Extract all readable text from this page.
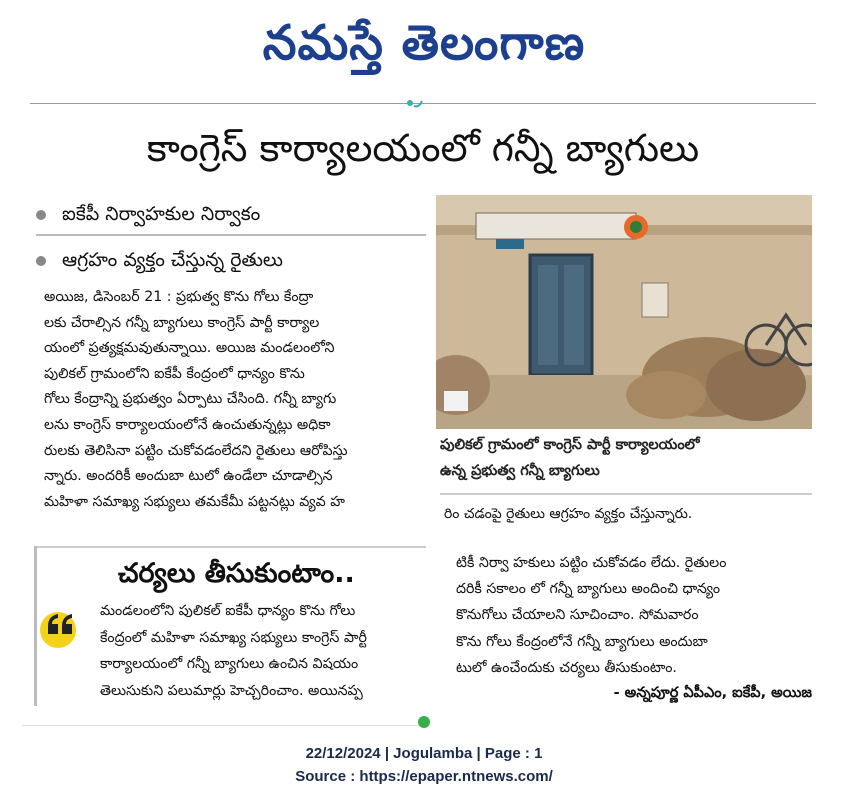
నమస్తే తెలంగాణ
కాంగ్రెస్ కార్యాలయంలో గన్నీ బ్యాగులు
ఐకేపీ నిర్వాహకుల నిర్వాకం
ఆగ్రహం వ్యక్తం చేస్తున్న రైతులు
అయిజ, డిసెంబర్ 21 : ప్రభుత్వ కొను గోలు కేంద్రా
లకు చేరాల్సిన గన్నీ బ్యాగులు కాంగ్రెస్ పార్టీ కార్యాల
యంలో ప్రత్యక్షమవుతున్నాయి. అయిజ మండలంలోని
పులికల్ గ్రామంలోని ఐకేపీ కేంద్రంలో ధాన్యం కొను
గోలు కేంద్రాన్ని ప్రభుత్వం ఏర్పాటు చేసింది. గన్నీ బ్యాగు
లను కాంగ్రెస్ కార్యాలయంలోనే ఉంచుతున్నట్లు అధికా
రులకు తెలిసినా పట్టిం చుకోవడంలేదని రైతులు ఆరోపిస్తు
న్నారు. అందరికీ అందుబా టులో ఉండేలా చూడాల్సిన
మహిళా సమాఖ్య సభ్యులు తమకేమీ పట్టనట్లు వ్యవ హ
పులికల్ గ్రామంలో కాంగ్రెస్ పార్టీ కార్యాలయంలో
ఉన్న ప్రభుత్వ గన్నీ బ్యాగులు
రిం చడంపై రైతులు ఆగ్రహం వ్యక్తం చేస్తున్నారు.
చర్యలు తీసుకుంటాం..
మండలంలోని పులికల్ ఐకేపీ ధాన్యం కొను గోలు
కేంద్రంలో మహిళా సమాఖ్య సభ్యులు కాంగ్రెస్ పార్టీ
కార్యాలయంలో గన్నీ బ్యాగులు ఉంచిన విషయం
తెలుసుకుని పలుమార్లు హెచ్చరించాం. అయినప్ప
టికీ నిర్వా హకులు పట్టిం చుకోవడం లేదు. రైతులం
దరికీ సకాలం లో గన్నీ బ్యాగులు అందించి ధాన్యం
కొనుగోలు చేయాలని సూచించాం. సోమవారం
కొను గోలు కేంద్రంలోనే గన్నీ బ్యాగులు అందుబా
టులో ఉంచేందుకు చర్యలు తీసుకుంటాం.
- అన్నపూర్ణ ఏపీఎం, ఐకేపీ, అయిజ
22/12/2024 | Jogulamba | Page : 1
Source : https://epaper.ntnews.com/
